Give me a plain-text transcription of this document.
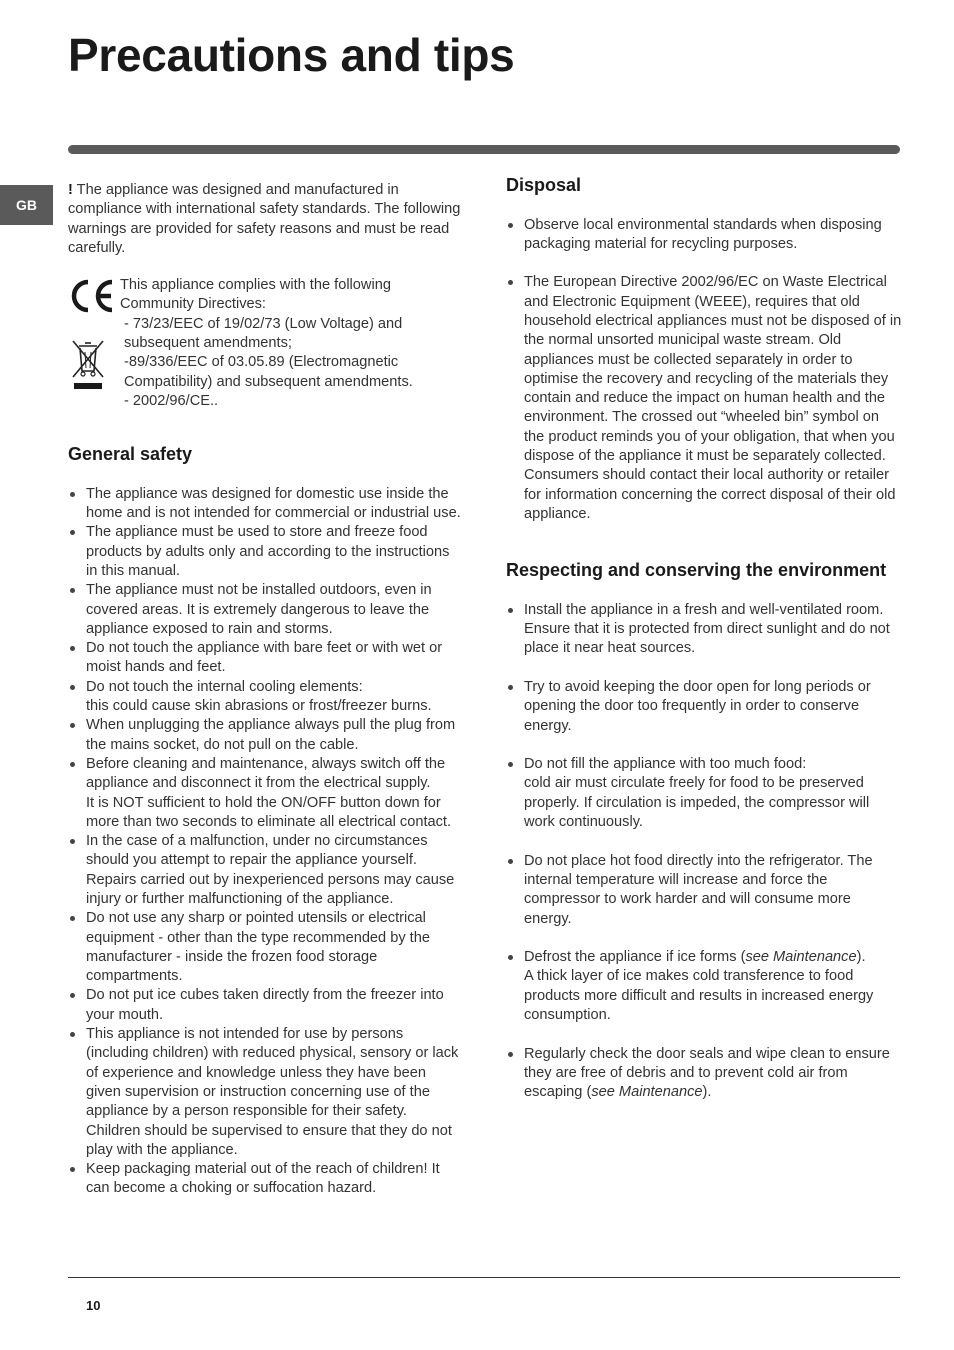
Precautions and tips
GB

! The appliance was designed and manufactured in compliance with international safety standards. The following warnings are provided for safety reasons and must be read carefully.

This appliance complies with the following Community Directives:

- 73/23/EEC of 19/02/73 (Low Voltage) and subsequent amendments;

-89/336/EEC of 03.05.89 (Electromagnetic Compatibility) and subsequent amendments.

- 2002/96/CE..

General safety
The appliance was designed for domestic use inside the home and is not intended for commercial or industrial use.
The appliance must be used to store and freeze food products by adults only and according to the instructions in this manual.
The appliance must not be installed outdoors, even in covered areas. It is extremely dangerous to leave the appliance exposed to rain and storms.
Do not touch the appliance with bare feet or with wet or moist hands and feet.
Do not touch the internal cooling elements:
this could cause skin abrasions or frost/freezer burns.
When unplugging the appliance always pull the plug from the mains socket, do not pull on the cable.
Before cleaning and maintenance, always switch off the appliance and disconnect it from the electrical supply.
It is NOT sufficient to hold the ON/OFF button down for more than two seconds to eliminate all electrical contact.
In the case of a malfunction, under no circumstances should you attempt to repair the appliance yourself. Repairs carried out by inexperienced persons may cause injury or further malfunctioning of the appliance.
Do not use any sharp or pointed utensils or electrical equipment - other than the type recommended by the manufacturer - inside the frozen food storage compartments.
Do not put ice cubes taken directly from the freezer into your mouth.
This appliance is not intended for use by persons (including children) with reduced physical, sensory or lack of experience and knowledge unless they have been given supervision or instruction concerning use of the appliance by a person responsible for their safety. Children should be supervised to ensure that they do not play with the appliance.
Keep packaging material out of the reach of children! It can become a choking or suffocation hazard.
Disposal
Observe local environmental standards when disposing packaging material for recycling purposes.
The European Directive 2002/96/EC on Waste Electrical and Electronic Equipment (WEEE), requires that old household electrical appliances must not be disposed of in the normal unsorted municipal waste stream. Old appliances must be collected separately in order to optimise the recovery and recycling of the materials they contain and reduce the impact on human health and the environment. The crossed out “wheeled bin” symbol on the product reminds you of your obligation, that when you dispose of the appliance it must be separately collected.
Consumers should contact their local authority or retailer for information concerning the correct disposal of their old appliance.
Respecting and conserving the environment
Install the appliance in a fresh and well-ventilated room. Ensure that it is protected from direct sunlight and do not place it near heat sources.
Try to avoid keeping the door open for long periods or opening the door too frequently in order to conserve energy.
Do not fill the appliance with too much food:
cold air must circulate freely for food to be preserved properly. If circulation is impeded, the compressor will work continuously.
Do not place hot food directly into the refrigerator. The internal temperature will increase and force the compressor to work harder and will consume more energy.
Defrost the appliance if ice forms (see Maintenance).
A thick layer of ice makes cold transference to food products more difficult and results in increased energy consumption.
Regularly check the door seals and wipe clean to ensure they are free of debris and to prevent cold air from escaping (see Maintenance).
10
